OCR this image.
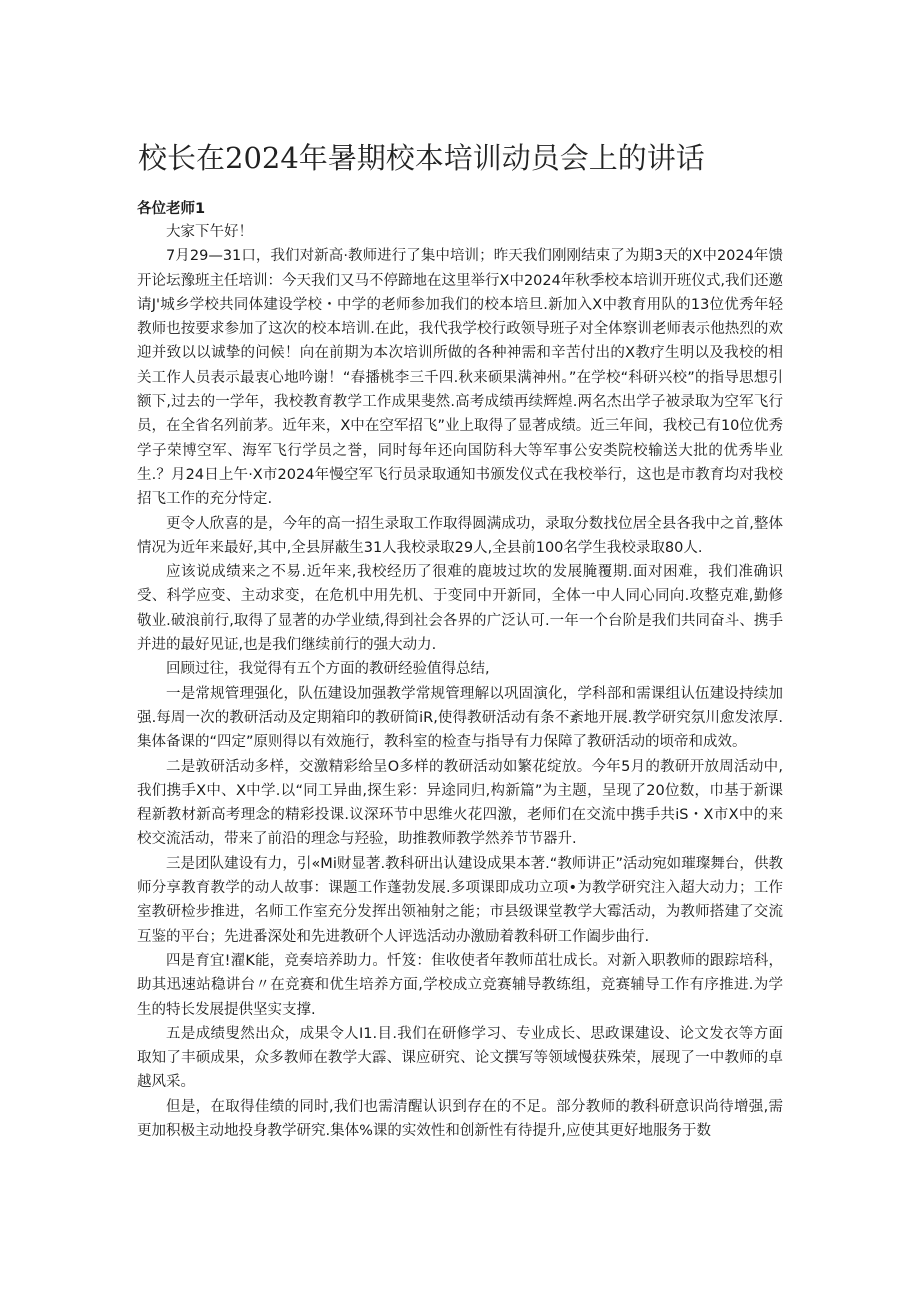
校长在2024年暑期校本培训动员会上的讲话

各位老师1

大家下午好！

7月29—31口，我们对新高·教师进行了集中培训；昨天我们刚刚结束了为期3天的X中2024年馈开论坛豫班主任培训：今天我们又马不停蹄地在这里举行X中2024年秋季校本培训开班仪式,我们还邀请J'城乡学校共同体建设学校・中学的老师参加我们的校本培旦.新加入X中教育用队的13位优秀年轻教师也按要求参加了这次的校本培训.在此，我代我学校行政领导班子对全体察训老师表示他热烈的欢迎并致以以诚挚的问候！向在前期为本次培训所做的各种神需和辛苦付出的X教疗生明以及我校的相关工作人员表示最衷心地吟谢！“春播桃李三千四.秋来硕果满神州。”在学校“科研兴校”的指导思想引额下,过去的一学年，我校教育教学工作成果斐然.高考成绩再续辉煌.两名杰出学子被录取为空军飞行员，在全省名列前茅。近年来，X中在空军招飞”业上取得了显著成绩。近三年间，我校己有10位优秀学子荣博空军、海军飞行学员之誉，同时每年还向国防科大等军事公安类院校输送大批的优秀毕业生.？月24日上午·X市2024年慢空军飞行员录取通知书颁发仪式在我校举行，这也是市教育均对我校招飞工作的充分恃定.

更令人欣喜的是，今年的高一招生录取工作取得圆满成功，录取分数找位居全县各我中之首,整体情况为近年来最好,其中,全县屏蔽生31人我校录取29人,全县前100名学生我校录取80人.

应该说成绩来之不易.近年来,我校经历了很难的鹿坡过坎的发展腌覆期.面对困难，我们准确识受、科学应变、主动求变，在危机中用先机、于变同中开新同，全体一中人同心同向.攻整克难,勤修敬业.破浪前行,取得了显著的办学业绩,得到社会各界的广泛认可.一年一个台阶是我们共同奋斗、携手并进的最好见证,也是我们继续前行的强大动力.

回顾过往，我觉得有五个方面的教研经验值得总结,

一是常规管理强化，队伍建设加强教学常规管理解以巩固演化，学科部和需课组认伍建设持续加强.每周一次的教研活动及定期箱印的教研简iR,使得教研活动有条不紊地开展.教学研究氛川愈发浓厚.集体备课的“四定”原则得以有效施行，教科室的检查与指导有力保障了教研活动的顷帝和成效。

二是敦研活动多样，交激精彩给呈O多样的教研活动如繁花绽放。今年5月的教研开放周活动中,我们携手X中、X中学.以“同工异曲,探生彩：异途同归,构新篇”为主题，呈现了20位数，巾基于新课程新教材新高考理念的精彩投课.议深环节中思维火花四激，老师们在交流中携手共iS・X市X中的来校交流活动，带来了前沿的理念与羟验，助推教师教学然养节节器升.

三是团队建设有力，引«Mi财显著.教科研出认建设成果本著.“教师讲正”活动宛如璀璨舞台，供教师分享教育教学的动人故事：课题工作蓬勃发展.多项课即成功立项•为教学研究注入超大动力；工作室教研检步推进，名师工作室充分发挥出领袖射之能；市县级课堂教学大霉活动，为教师搭建了交流互鉴的平台；先进番深处和先进教研个人评选活动办激励着教科研工作阖步曲行.

四是育宜!濯K能，竞奏培养助力。忏笈：隹收使者年教师茁壮成长。对新入职教师的跟踪培科，助其迅速站稳讲台〃在竞赛和优生培养方面,学校成立竞赛辅导教练组，竞赛辅导工作有序推进.为学生的特长发展提供坚实支撑.

五是成绩叟然出众，成果令人I1.目.我们在研修学习、专业成长、思政课建设、论文发衣等方面取知了丰硕成果，众多教师在教学大霹、课应研究、论文撰写等领域慢获殊荣，展现了一中教师的卓越风采。

但是，在取得佳绩的同时,我们也需清醒认识到存在的不足。部分教师的教科研意识尚待增强,需更加积极主动地投身教学研究.集体%课的实效性和创新性有待提升,应使其更好地服务于数
